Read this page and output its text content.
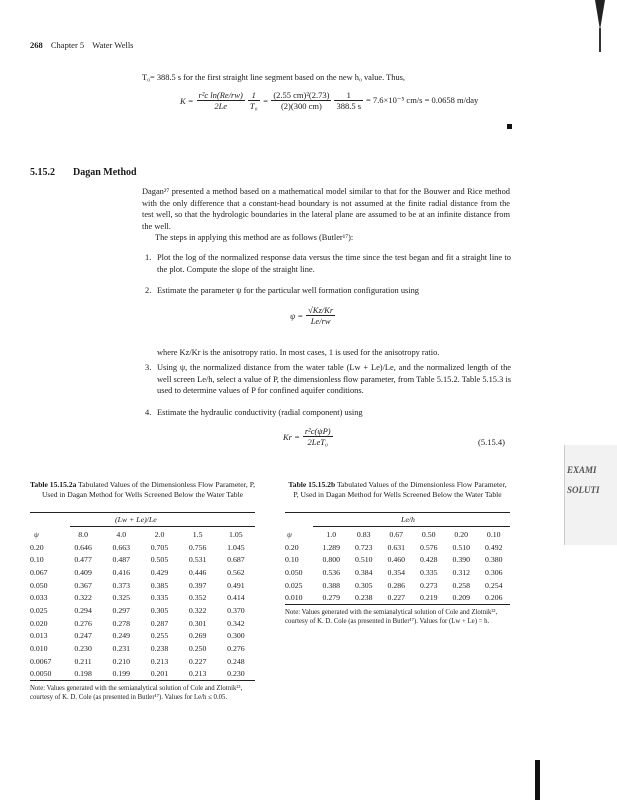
268 Chapter 5 Water Wells
T₀= 388.5 s for the first straight line segment based on the new h₀ value. Thus,
$K = \frac{\text{r²c ln(Re/rw)}}{2Le} \frac{1}{\text{T₀}} = \frac{\text{(2.55 cm)²(2.73)}}{(2)(300 cm)} \frac{1}{388.5 s} = 7.6\times 10^{-5}$ cm/s = 0.0658 m/day
5.15.2 Dagan Method
Dagan²⁷ presented a method based on a mathematical model similar to that for the Bouwer and Rice method with the only difference that a constant-head boundary is not assumed at the finite radial distance from the test well, so that the hydrologic boundaries in the lateral plane are assumed to be at an infinite distance from the well.
The steps in applying this method are as follows (Butler¹⁷):
1. Plot the log of the normalized response data versus the time since the test began and fit a straight line to the plot. Compute the slope of the straight line.
2. Estimate the parameter ψ for the particular well formation configuration using
$\psi = \frac{√Kz/Kr}{Le/rw}$
where Kz/Kr is the anisotropy ratio. In most cases, 1 is used for the anisotropy ratio.
3. Using ψ, the normalized distance from the water table (Lw + Le)/Le, and the normalized length of the well screen Le/h, select a value of P, the dimensionless flow parameter, from Table 5.15.2. Table 5.15.3 is used to determine values of P for confined aquifer conditions.
4. Estimate the hydraulic conductivity (radial component) using
$Kr = \frac{\text{r²c(ψP)}}{\text{2LeT₀}}$	(5.15.4)
EXAMI
SOLUTI
Table 15.15.2a Tabulated Values of the Dimensionless Flow Parameter, P, Used in Dagan Method for Wells Screened Below the Water Table
(Lw + Le)/Le
ψ	8.0	4.0	2.0	1.5	1.05
0.20	0.646	0.663	0.705	0.756	1.045
0.10	0.477	0.487	0.505	0.531	0.687
0.067	0.409	0.416	0.429	0.446	0.562
0.050	0.367	0.373	0.385	0.397	0.491
0.033	0.322	0.325	0.335	0.352	0.414
0.025	0.294	0.297	0.305	0.322	0.370
0.020	0.276	0.278	0.287	0.301	0.342
0.013	0.247	0.249	0.255	0.269	0.300
0.010	0.230	0.231	0.238	0.250	0.276
0.0067	0.211	0.210	0.213	0.227	0.248
0.0050	0.198	0.199	0.201	0.213	0.230
Note: Values generated with the semianalytical solution of Cole and Zlotnik²³, courtesy of K. D. Cole (as presented in Butler¹⁷). Values for Le/h ≤ 0.05.
Table 15.15.2b Tabulated Values of the Dimensionless Flow Parameter, P, Used in Dagan Method for Wells Screened Below the Water Table
Le/h
ψ	1.0	0.83	0.67	0.50	0.20	0.10
0.20	1.289	0.723	0.631	0.576	0.510	0.492
0.10	0.800	0.510	0.460	0.428	0.390	0.380
0.050	0.536	0.384	0.354	0.335	0.312	0.306
0.025	0.388	0.305	0.286	0.273	0.258	0.254
0.010	0.279	0.238	0.227	0.219	0.209	0.206
Note: Values generated with the semianalytical solution of Cole and Zlotnik²³, courtesy of K. D. Cole (as presented in Butler¹⁷). Values for (Lw + Le) = h.
